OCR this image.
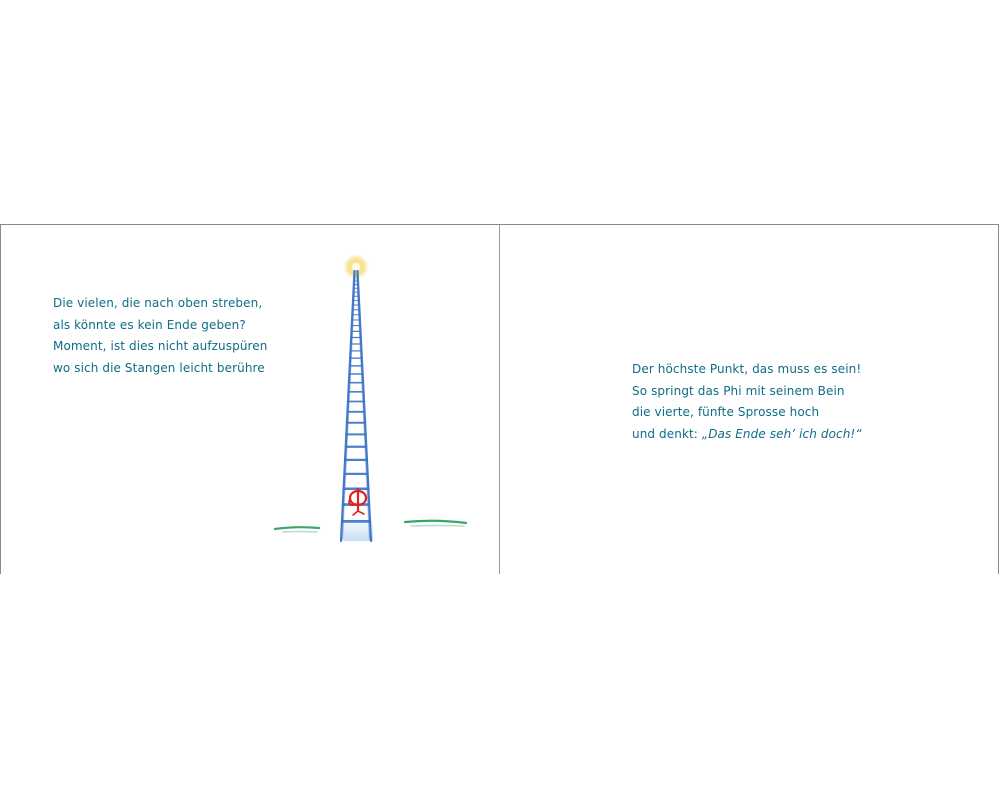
Die vielen, die nach oben streben,
als könnte es kein Ende geben?
Moment, ist dies nicht aufzuspüren
wo sich die Stangen leicht berühre	Der höchste Punkt, das muss es sein!
So springt das Phi mit seinem Bein
die vierte, fünfte Sprosse hoch
und denkt: „Das Ende seh’ ich doch!“
